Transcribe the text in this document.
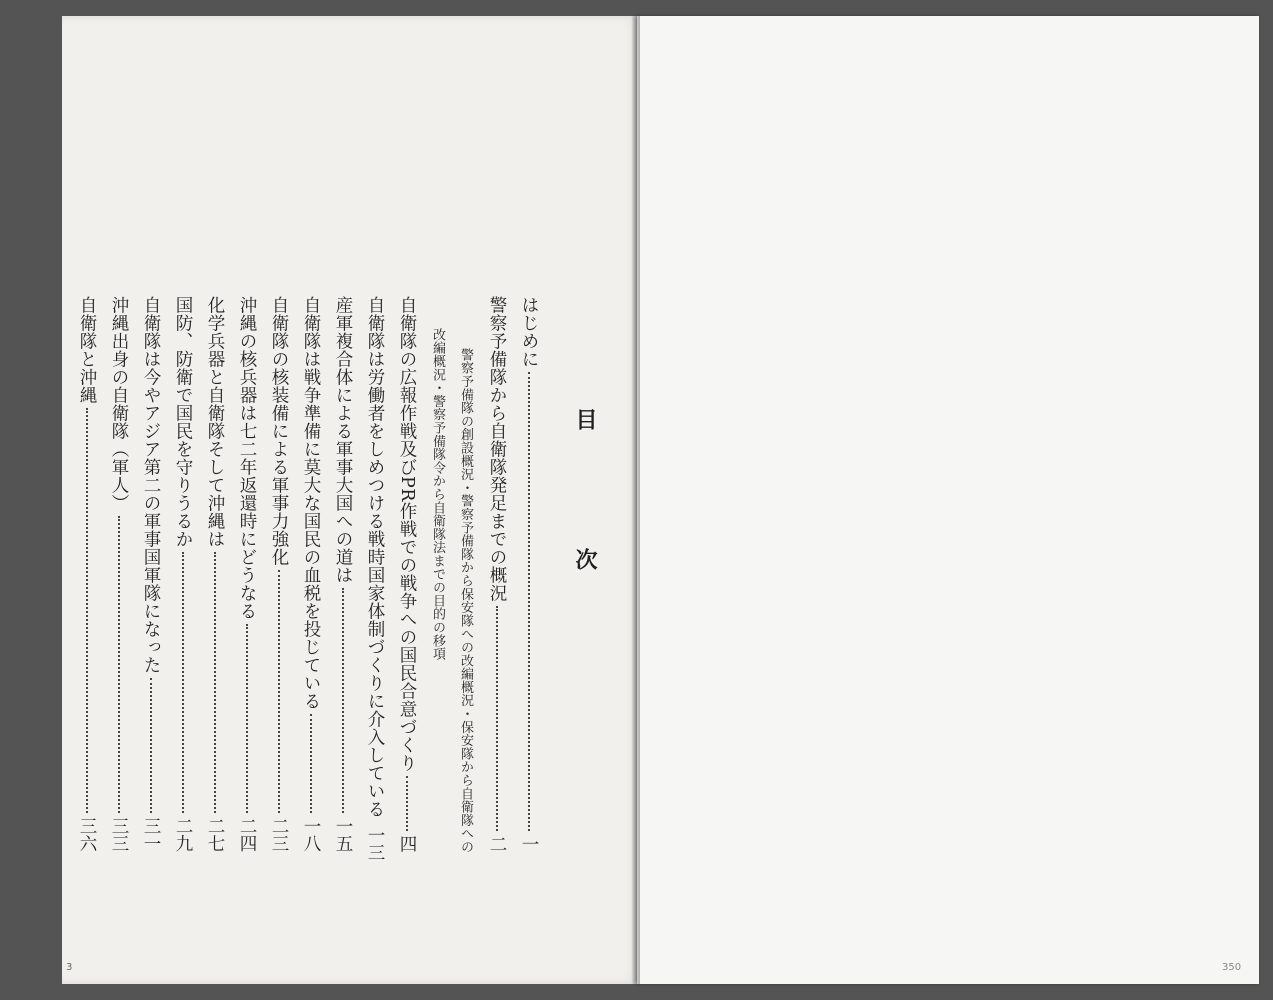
目　次
警察予備隊の創設概況・警察予備隊から保安隊への改編概況・保安隊から自衛隊への
改編概況・警察予備隊令から自衛隊法までの目的の移項	はじめに
一
警察予備隊から自衛隊発足までの概況
二
自衛隊の広報作戦及びPR作戦での戦争への国民合意づくり
四
自衛隊は労働者をしめつける戦時国家体制づくりに介入している
一三
産軍複合体による軍事大国への道は
一五
自衛隊は戦争準備に莫大な国民の血税を投じている
一八
自衛隊の核装備による軍事力強化
二三
沖縄の核兵器は七二年返還時にどうなる
二四
化学兵器と自衛隊そして沖縄は
二七
国防、防衛で国民を守りうるか
二九
自衛隊は今やアジア第二の軍事国軍隊になった
三一
沖縄出身の自衛隊（軍人）
三三
自衛隊と沖縄
三六
3	350
